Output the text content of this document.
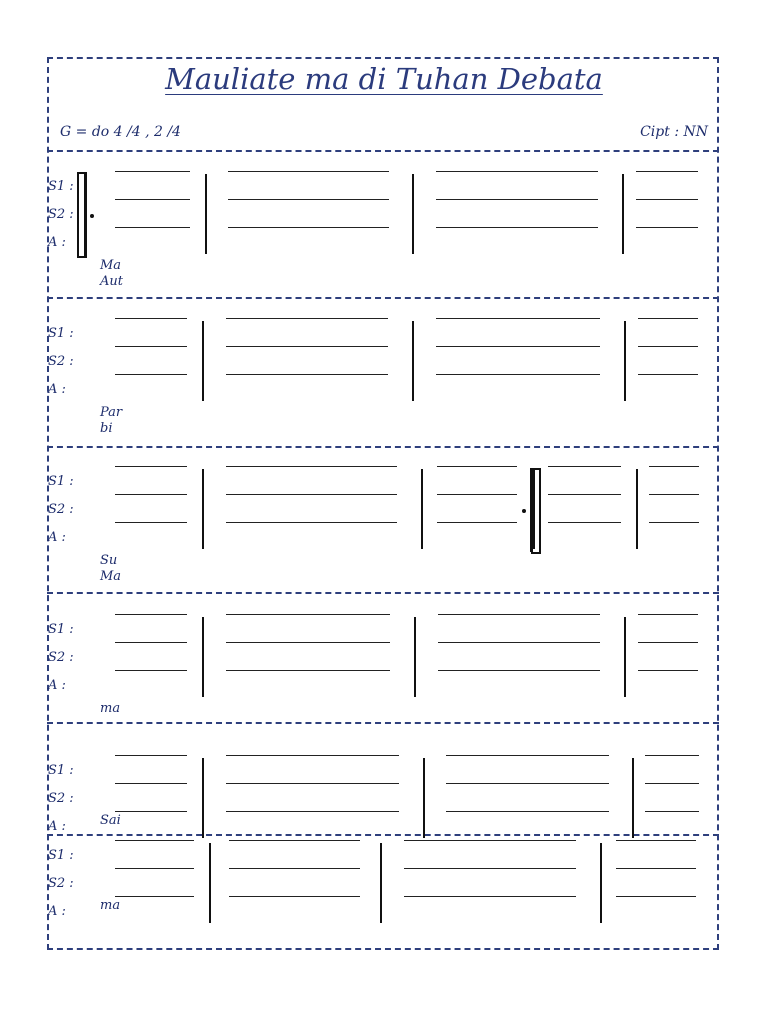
Mauliate ma di Tuhan Debata
G = do 4 /4 , 2 /4	Cipt : NN
S1 :
S2 :
A :
Ma
Aut
S1 :
S2 :
A :
Par
bi
S1 :
S2 :
A :
Su
Ma
S1 :
S2 :
A :
ma
S1 :
S2 :
A :	Sai
S1 :
S2 :
A :	ma
